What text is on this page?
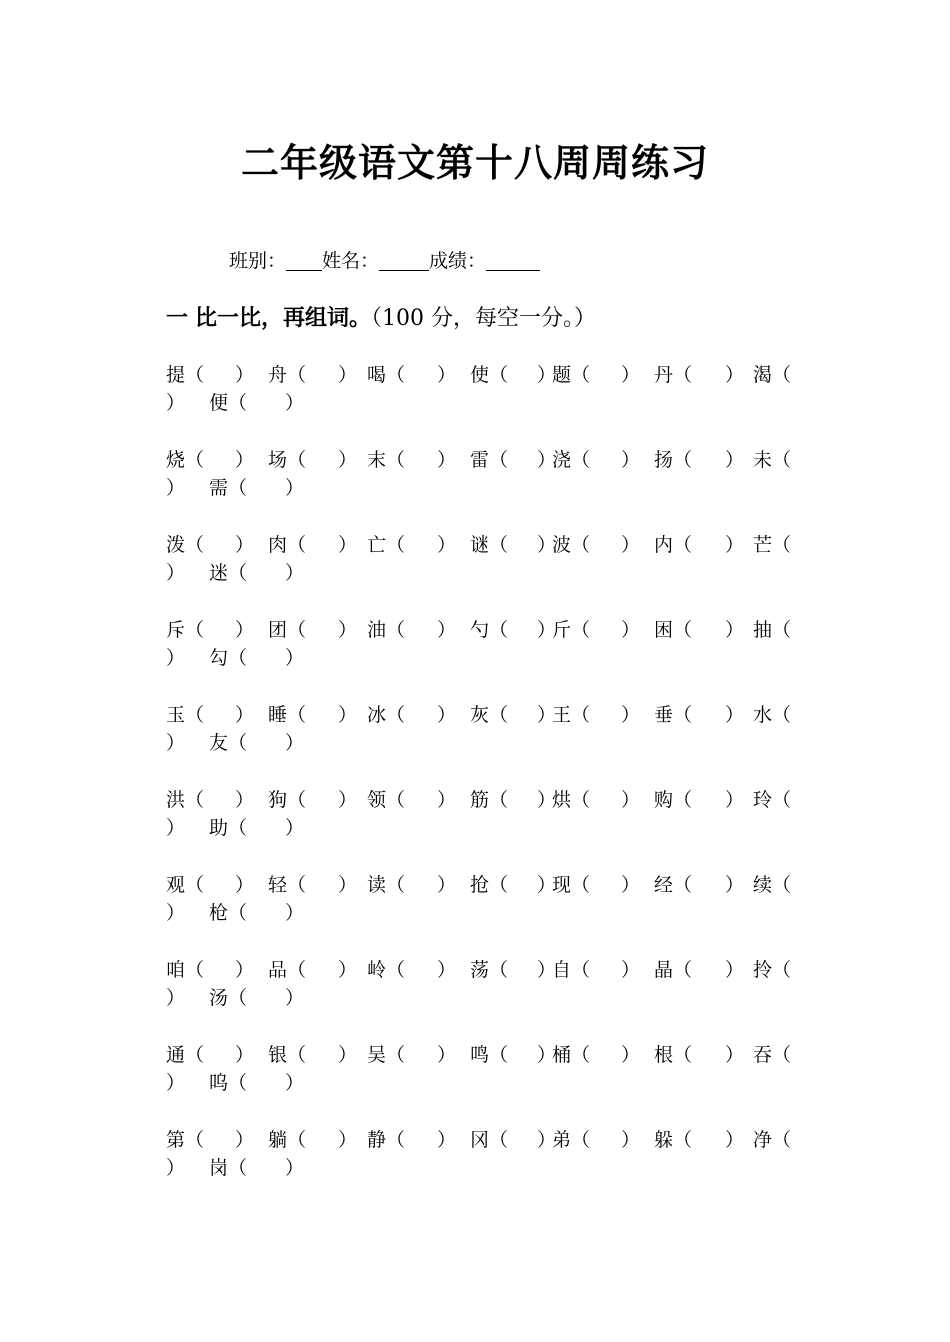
二年级语文第十八周周练习
班别： 姓名：	成绩：
一 比一比，再组词。（100 分，每空一分。）
提（ ） 舟（ ） 喝（ ） 使（ ）
题（ ） 丹（ ） 渴（
） 便（ ）
烧（ ） 场（ ） 末（ ） 雷（ ）
浇（ ） 扬（ ） 未（
） 需（ ）
泼（ ） 肉（ ） 亡（ ） 谜（ ）
波（ ） 内（ ） 芒（
） 迷（ ）
斥（ ） 团（ ） 油（ ） 勺（ ）
斤（ ） 困（ ） 抽（
） 勾（ ）
玉（ ） 睡（ ） 冰（ ） 灰（ ）
王（ ） 垂（ ） 水（
） 友（ ）
洪（ ） 狗（ ） 领（ ） 筋（ ）
烘（ ） 购（ ） 玲（
） 助（ ）
观（ ） 轻（ ） 读（ ） 抢（ ）
现（ ） 经（ ） 续（
） 枪（ ）
咱（ ） 品（ ） 岭（ ） 荡（ ）
自（ ） 晶（ ） 拎（
） 汤（ ）
通（ ） 银（ ） 吴（ ） 鸣（ ）
桶（ ） 根（ ） 吞（
） 呜（ ）
第（ ） 躺（ ） 静（ ） 冈（ ）
弟（ ） 躲（ ） 净（
） 岗（ ）
